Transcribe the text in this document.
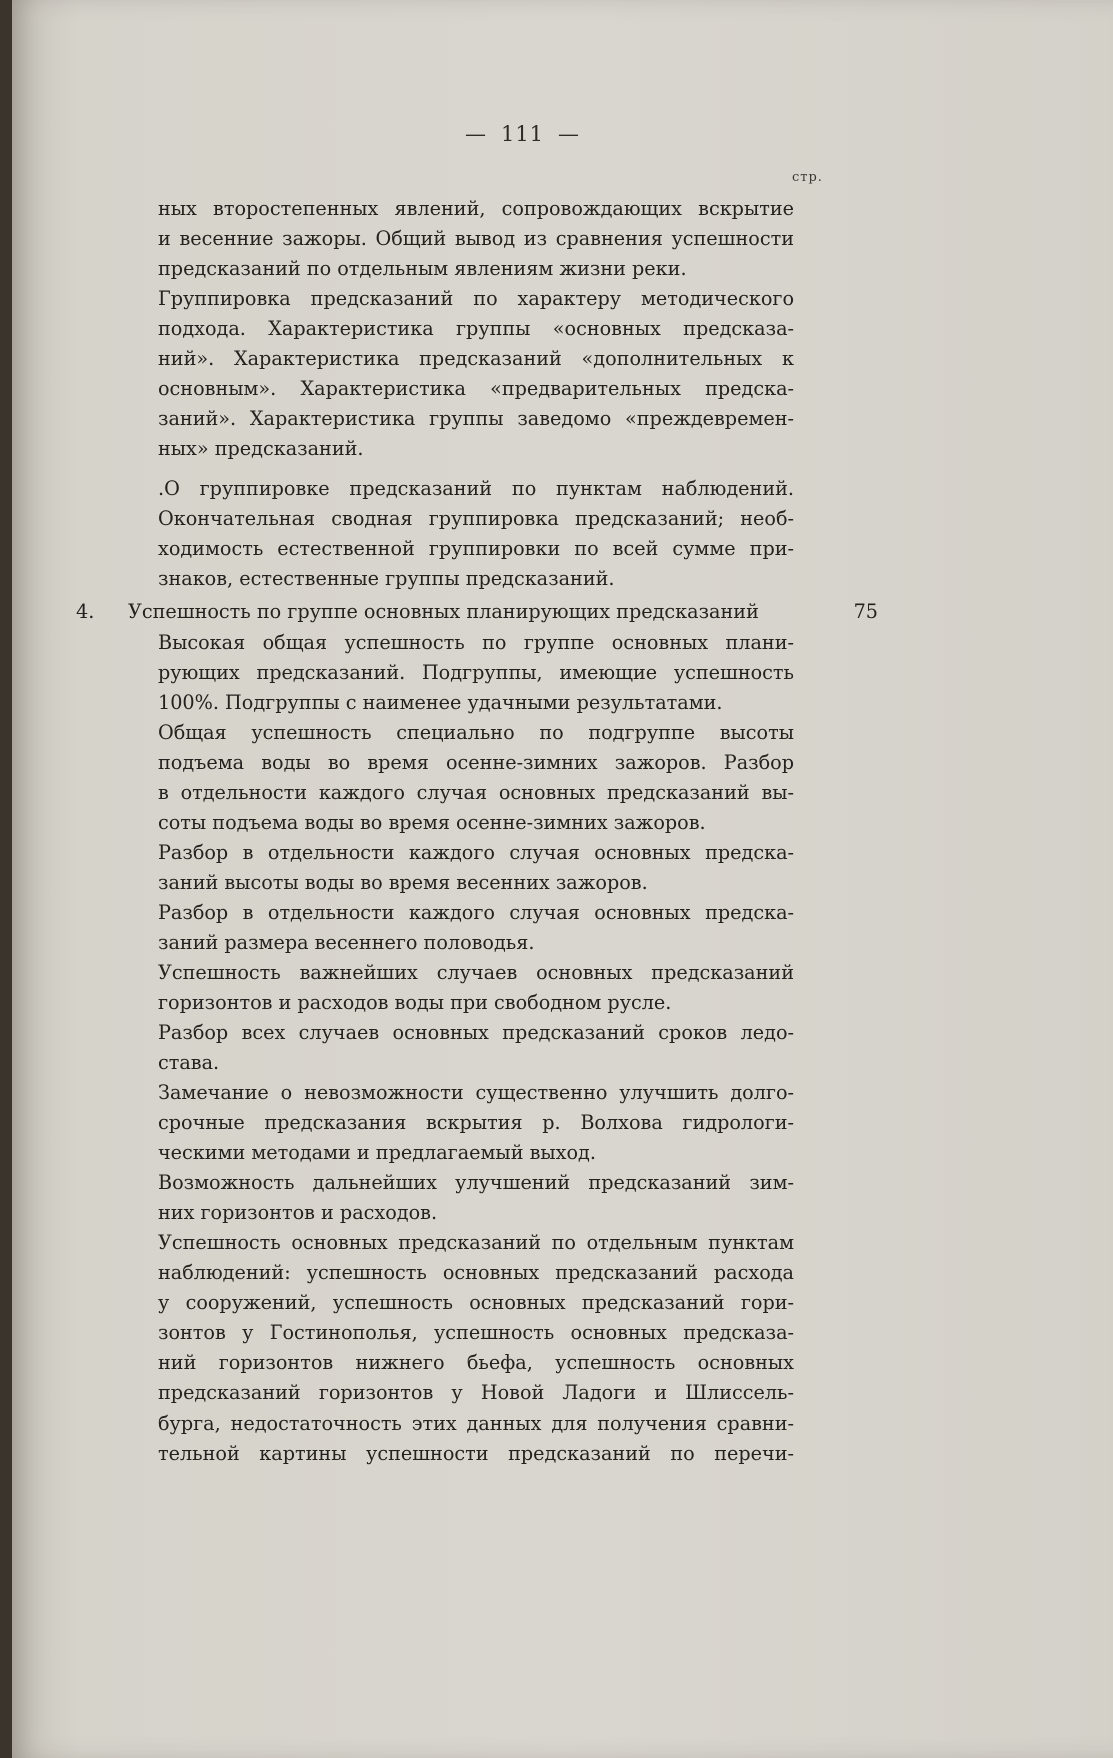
— 111 —
стр.
ных второстепенных явлений, сопровождающих вскрытие
и весенние зажоры. Общий вывод из сравнения успешности
предсказаний по отдельным явлениям жизни реки.
Группировка предсказаний по характеру методического
подхода. Характеристика группы «основных предсказа-
ний». Характеристика предсказаний «дополнительных к
основным». Характеристика «предварительных предска-
заний». Характеристика группы заведомо «преждевремен-
ных» предсказаний.
.О группировке предсказаний по пунктам наблюдений.
Окончательная сводная группировка предсказаний; необ-
ходимость естественной группировки по всей сумме при-
знаков, естественные группы предсказаний.
4. Успешность по группе основных планирующих предсказаний	75
Высокая общая успешность по группе основных плани-
рующих предсказаний. Подгруппы, имеющие успешность
100%. Подгруппы с наименее удачными результатами.
Общая успешность специально по подгруппе высоты
подъема воды во время осенне-зимних зажоров. Разбор
в отдельности каждого случая основных предсказаний вы-
соты подъема воды во время осенне-зимних зажоров.
Разбор в отдельности каждого случая основных предска-
заний высоты воды во время весенних зажоров.
Разбор в отдельности каждого случая основных предска-
заний размера весеннего половодья.
Успешность важнейших случаев основных предсказаний
горизонтов и расходов воды при свободном русле.
Разбор всех случаев основных предсказаний сроков ледо-
става.
Замечание о невозможности существенно улучшить долго-
срочные предсказания вскрытия р. Волхова гидрологи-
ческими методами и предлагаемый выход.
Возможность дальнейших улучшений предсказаний зим-
них горизонтов и расходов.
Успешность основных предсказаний по отдельным пунктам
наблюдений: успешность основных предсказаний расхода
у сооружений, успешность основных предсказаний гори-
зонтов у Гостинополья, успешность основных предсказа-
ний горизонтов нижнего бьефа, успешность основных
предсказаний горизонтов у Новой Ладоги и Шлиссель-
бурга, недостаточность этих данных для получения сравни-
тельной картины успешности предсказаний по перечи-
